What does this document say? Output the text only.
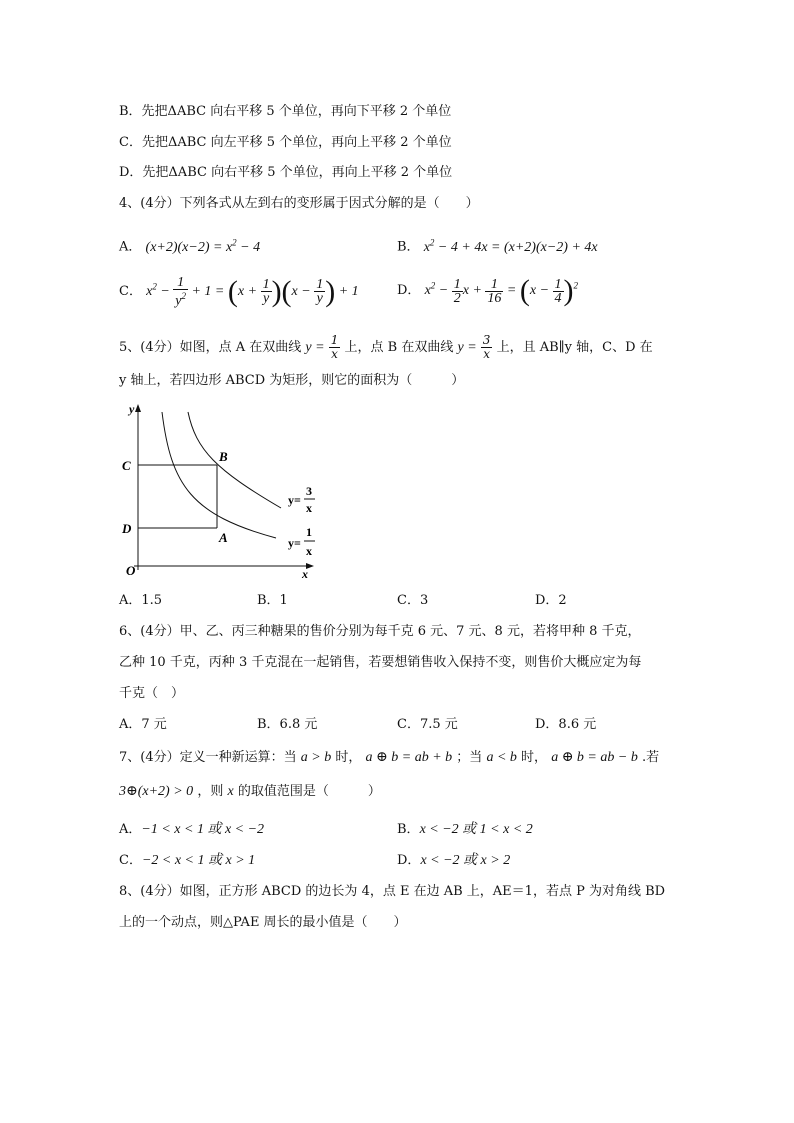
B．先把ΔABC 向右平移 5 个单位，再向下平移 2 个单位
C．先把ΔABC 向左平移 5 个单位，再向上平移 2 个单位
D．先把ΔABC 向右平移 5 个单位，再向上平移 2 个单位
4、(4分）下列各式从左到右的变形属于因式分解的是（　　）
A． $(x+2)(x-2) = x^2 - 4$	B． $x^2 - 4 + 4x = (x+2)(x-2) + 4x$
C． $x^2 - \frac{1}{y^2} + 1 = (x + \frac{1}{y} )(x - \frac{1}{y}$ ) + 1	D． $x^2 - \frac{1}{2}$ $x + \frac{1}{16} = (x - \frac{1}{4} )^2$
5、(4分）如图，点 A 在双曲线 $y = \frac{1}{x}$ 上，点 B 在双曲线 $y = \frac{3}{x}$ 上，且 AB∥y 轴，C、D 在
y 轴上，若四边形 ABCD 为矩形，则它的面积为（　　　）
y
x
O
C
D
B
A
y=
3
x
y=
1
x
A．1.5	B．1	C．3	D．2
6、(4分）甲、乙、丙三种糖果的售价分别为每千克 6 元、7 元、8 元，若将甲种 8 千克，
乙种 10 千克，丙种 3 千克混在一起销售，若要想销售收入保持不变，则售价大概应定为每
千克（　）
A．7 元	B．6.8 元	C．7.5 元	D．8.6 元
7、(4分）定义一种新运算：当 a > b 时， a ⊕ b = ab + b ；当 a < b 时， a ⊕ b = ab − b .若
3⊕(x+2) > 0 ，则 x 的取值范围是（　　　）
A．−1 < x < 1 或 x < −2	B．x < −2 或 1 < x < 2
C．−2 < x < 1 或 x > 1	D．x < −2 或 x > 2
8、(4分）如图，正方形 ABCD 的边长为 4，点 E 在边 AB 上，AE＝1，若点 P 为对角线 BD
上的一个动点，则△PAE 周长的最小值是（　　）
